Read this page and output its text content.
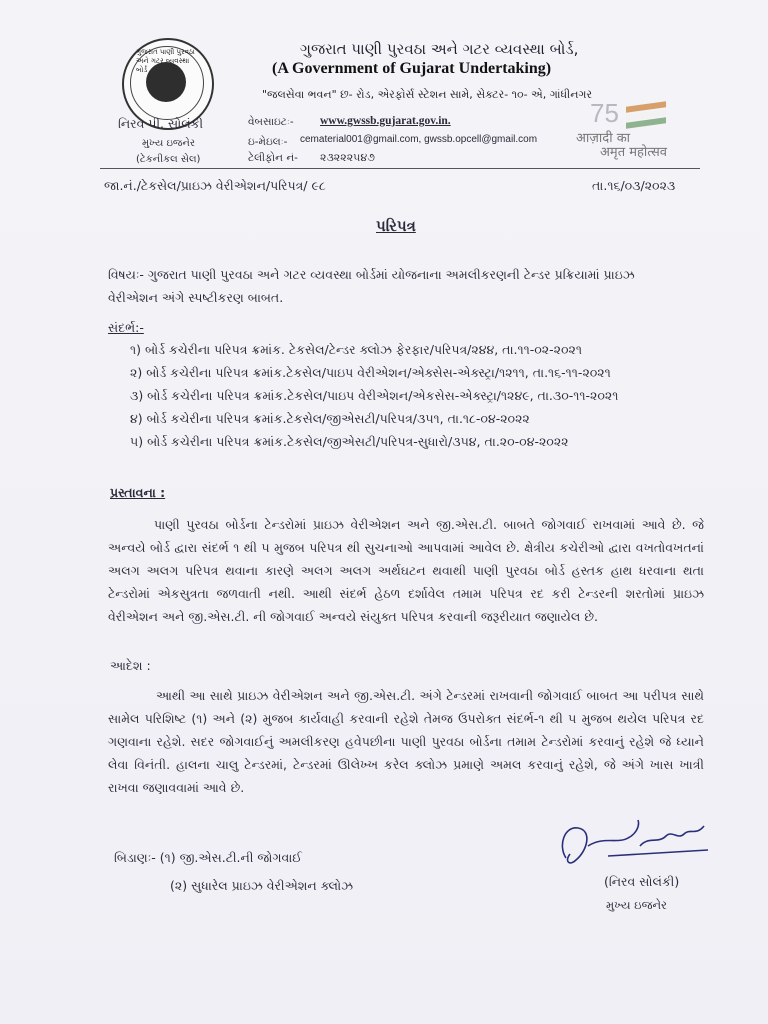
ગુજરાત પાણી પુરવઠા અને ગટર વ્યવસ્થા બોર્ડ
ગુજરાત પાણી પુરવઠા અને ગટર વ્યવસ્થા બોર્ડ,
(A Government of Gujarat Undertaking)
"જલસેવા ભવન" છ- રોડ, એરફોર્સ સ્ટેશન સામે, સેક્ટર- ૧૦- એ, ગાંધીનગર
નિરવ પી. સોલંકી
મુખ્ય ઇજનેર
(ટેકનીકલ સેલ)
વેબસાઇટઃ- www.gwssb.gujarat.gov.in.
ઇ-મેઇલઃ- cematerial001@gmail.com, gwssb.opcell@gmail.com
ટેલીફોન નં- ૨૩૨૨૨૫૪૭
75
आज़ादी का
अमृत महोत्सव
જા.નં./ટેકસેલ/પ્રાઇઝ વેરીએશન/પરિપત્ર/ ૯૮	તા.૧૬/૦૩/૨૦૨૩
પરિપત્ર
વિષયઃ- ગુજરાત પાણી પુરવઠા અને ગટર વ્યવસ્થા બોર્ડમાં યોજનાના અમલીકરણની ટેન્ડર પ્રક્રિયામાં પ્રાઇઝ
વેરીએશન અંગે સ્પષ્ટીકરણ બાબત.
સંદર્ભ:-
૧) બોર્ડ કચેરીના પરિપત્ર ક્રમાંક. ટેકસેલ/ટેન્ડર ક્લોઝ ફેરફાર/પરિપત્ર/૨૪૪, તા.૧૧-૦૨-૨૦૨૧
૨) બોર્ડ કચેરીના પરિપત્ર ક્રમાંક.ટેકસેલ/પાઇપ વેરીએશન/એક્સેસ-એક્સ્ટ્રા/૧૨૧૧, તા.૧૬-૧૧-૨૦૨૧
૩) બોર્ડ કચેરીના પરિપત્ર ક્રમાંક.ટેકસેલ/પાઇપ વેરીએશન/એકસેસ-એક્સ્ટ્રા/૧૨૪૯, તા.૩૦-૧૧-૨૦૨૧
૪) બોર્ડ કચેરીના પરિપત્ર ક્રમાંક.ટેકસેલ/જીએસટી/પરિપત્ર/૩૫૧, તા.૧૮-૦૪-૨૦૨૨
૫) બોર્ડ કચેરીના પરિપત્ર ક્રમાંક.ટેકસેલ/જીએસટી/પરિપત્ર-સુધારો/૩૫૪, તા.૨૦-૦૪-૨૦૨૨
પ્રસ્તાવના :
પાણી પુરવઠા બોર્ડના ટેન્ડરોમાં પ્રાઇઝ વેરીએશન અને જી.એસ.ટી. બાબતે જોગવાઈ રાખવામાં આવે છે. જે અન્વયે બોર્ડ દ્વારા સંદર્ભ ૧ થી ૫ મુજબ પરિપત્ર થી સુચનાઓ આપવામાં આવેલ છે. ક્ષેત્રીય કચેરીઓ દ્વારા વખતોવખતનાં અલગ અલગ પરિપત્ર થવાના કારણે અલગ અલગ અર્થઘટન થવાથી પાણી પુરવઠા બોર્ડ હસ્તક હાથ ધરવાના થતા ટેન્ડરોમાં એકસુત્રતા જળવાતી નથી. આથી સંદર્ભ હેઠળ દર્શાવેલ તમામ પરિપત્ર રદ કરી ટેન્ડરની શરતોમાં પ્રાઇઝ વેરીએશન અને જી.એસ.ટી. ની જોગવાઈ અન્વયે સંયુક્ત પરિપત્ર કરવાની જરૂરીયાત જણાયેલ છે.
આદેશ :
આથી આ સાથે પ્રાઇઝ વેરીએશન અને જી.એસ.ટી. અંગે ટેન્ડરમાં રાખવાની જોગવાઈ બાબત આ પરીપત્ર સાથે સામેલ પરિશિષ્ટ (૧) અને (૨) મુજબ કાર્યવાહી કરવાની રહેશે તેમજ ઉપરોક્ત સંદર્ભ-૧ થી ૫ મુજબ થયેલ પરિપત્ર રદ ગણવાના રહેશે. સદર જોગવાઈનું અમલીકરણ હવેપછીના પાણી પુરવઠા બોર્ડના તમામ ટેન્ડરોમાં કરવાનું રહેશે જે ધ્યાને લેવા વિનંતી. હાલના ચાલુ ટેન્ડરમાં, ટેન્ડરમાં ઊલેખ્ખ કરેલ ક્લોઝ પ્રમાણે અમલ કરવાનું રહેશે, જે અંગે ખાસ ખાત્રી રાખવા જણાવવામાં આવે છે.
બિડાણઃ- (૧) જી.એસ.ટી.ની જોગવાઈ
(૨) સુધારેલ પ્રાઇઝ વેરીએશન ક્લોઝ	(નિરવ સોલંકી)
મુખ્ય ઇજનેર
